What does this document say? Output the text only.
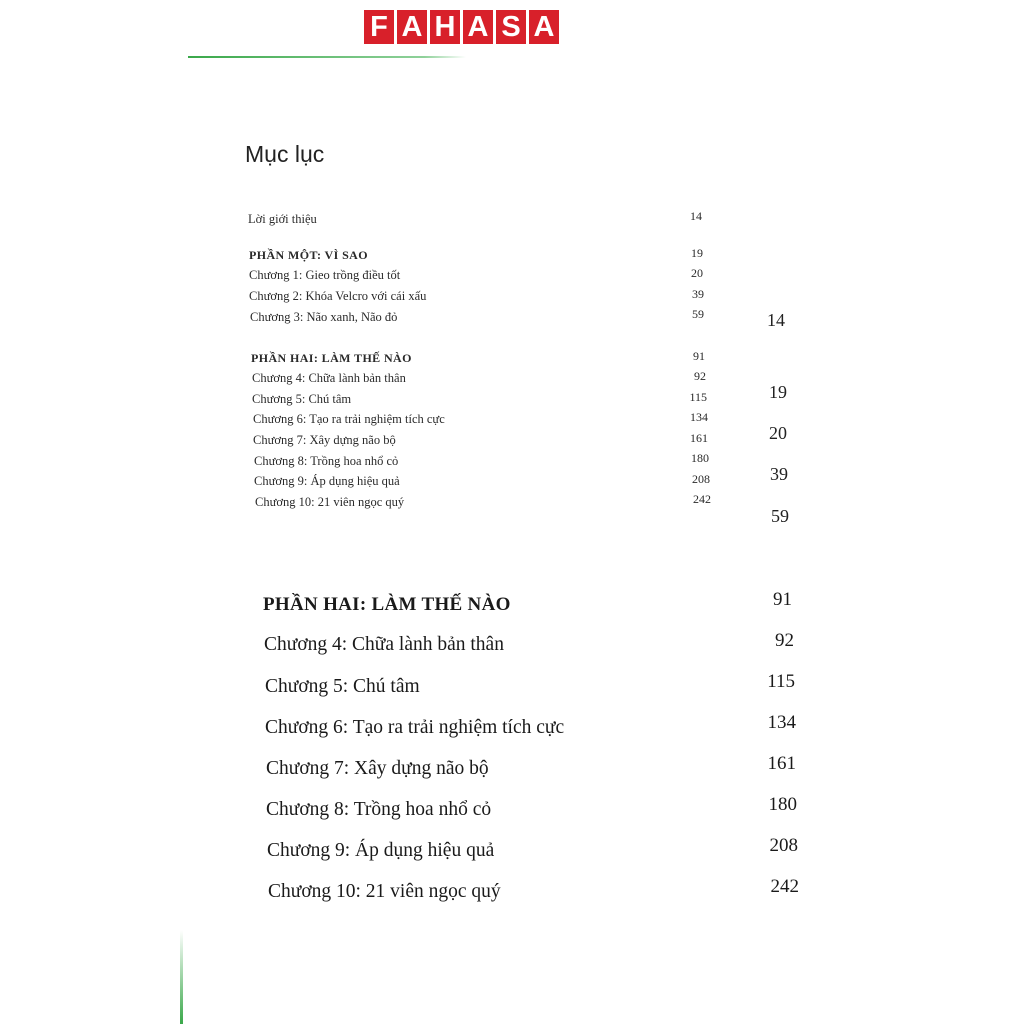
F A H A S A
Mục lục
Lời giới thiệu	14
PHẦN MỘT: VÌ SAO	19
Chương 1: Gieo trồng điều tốt	20
Chương 2: Khóa Velcro với cái xấu	39
Chương 3: Não xanh, Não đỏ	59
PHẦN HAI: LÀM THẾ NÀO	91
Chương 4: Chữa lành bản thân	92
Chương 5: Chú tâm	115
Chương 6: Tạo ra trải nghiệm tích cực	134
Chương 7: Xây dựng não bộ	161
Chương 8: Trồng hoa nhổ cỏ	180
Chương 9: Áp dụng hiệu quả	208
Chương 10: 21 viên ngọc quý	242
14
19
20
39
59
PHẦN HAI: LÀM THẾ NÀO	91
Chương 4: Chữa lành bản thân	92
Chương 5: Chú tâm	115
Chương 6: Tạo ra trải nghiệm tích cực	134
Chương 7: Xây dựng não bộ	161
Chương 8: Trồng hoa nhổ cỏ	180
Chương 9: Áp dụng hiệu quả	208
Chương 10: 21 viên ngọc quý	242
